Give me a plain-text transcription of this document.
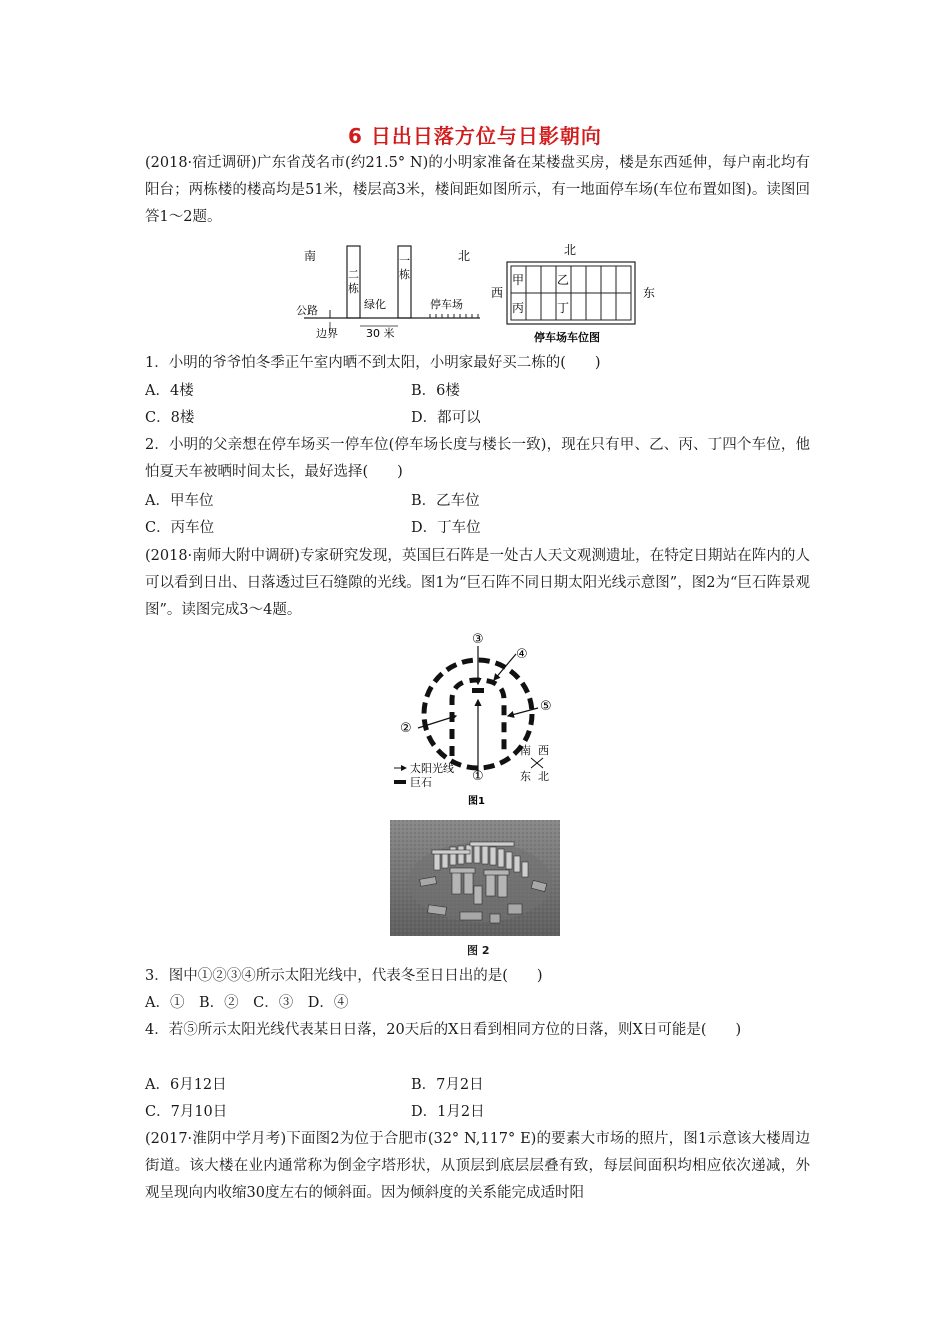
6 日出日落方位与日影朝向
(2018·宿迁调研)广东省茂名市(约21.5° N)的小明家准备在某楼盘买房，楼是东西延伸，每户南北均有阳台；两栋楼的楼高均是51米，楼层高3米，楼间距如图所示，有一地面停车场(车位布置如图)。读图回答1～2题。
南	北
二
栋
一
栋
公路	绿化	停车场
边界	30 米
北
西	东
甲	乙
丙	丁
停车场车位图
1．小明的爷爷怕冬季正午室内晒不到太阳，小明家最好买二栋的(　　)
A．4楼	B．6楼
C．8楼	D．都可以
2．小明的父亲想在停车场买一停车位(停车场长度与楼长一致)，现在只有甲、乙、丙、丁四个车位，他怕夏天车被晒时间太长，最好选择(　　)
A．甲车位	B．乙车位
C．丙车位	D．丁车位
(2018·南师大附中调研)专家研究发现，英国巨石阵是一处古人天文观测遗址，在特定日期站在阵内的人可以看到日出、日落透过巨石缝隙的光线。图1为“巨石阵不同日期太阳光线示意图”，图2为“巨石阵景观图”。读图完成3～4题。
③
④
⑤
②
①
太阳光线
巨石
南 西
东 北
图1
图 2
3．图中①②③④所示太阳光线中，代表冬至日日出的是(　　)
A．①　B．②　C．③　D．④
4．若⑤所示太阳光线代表某日日落，20天后的X日看到相同方位的日落，则X日可能是(　　)
A．6月12日	B．7月2日
C．7月10日	D．1月2日
(2017·淮阴中学月考)下面图2为位于合肥市(32° N,117° E)的要素大市场的照片，图1示意该大楼周边街道。该大楼在业内通常称为倒金字塔形状，从顶层到底层层叠有致，每层间面积均相应依次递减，外观呈现向内收缩30度左右的倾斜面。因为倾斜度的关系能完成适时阳
